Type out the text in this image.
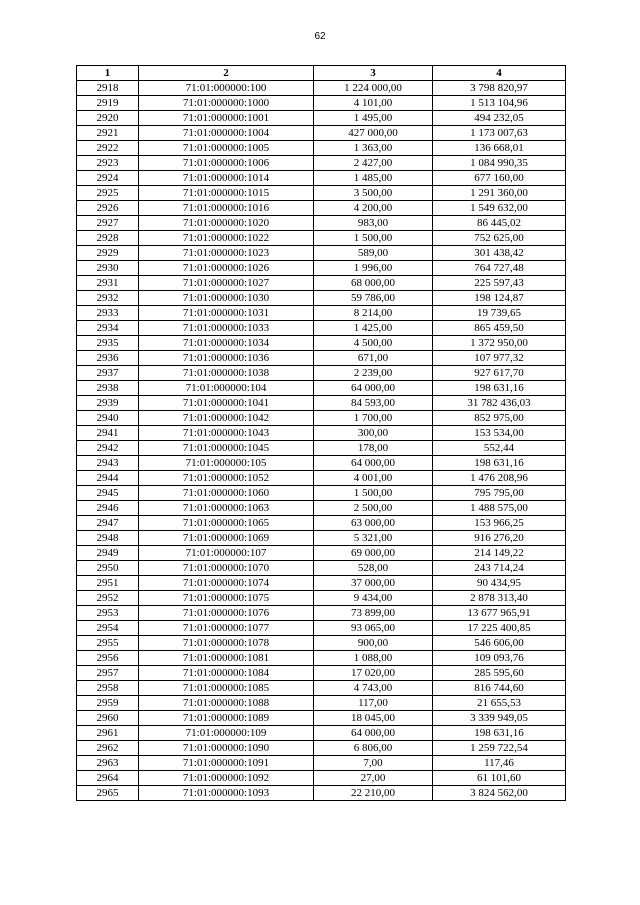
62
1	2	3	4
2918	71:01:000000:100	1 224 000,00	3 798 820,97
2919	71:01:000000:1000	4 101,00	1 513 104,96
2920	71:01:000000:1001	1 495,00	494 232,05
2921	71:01:000000:1004	427 000,00	1 173 007,63
2922	71:01:000000:1005	1 363,00	136 668,01
2923	71:01:000000:1006	2 427,00	1 084 990,35
2924	71:01:000000:1014	1 485,00	677 160,00
2925	71:01:000000:1015	3 500,00	1 291 360,00
2926	71:01:000000:1016	4 200,00	1 549 632,00
2927	71:01:000000:1020	983,00	86 445,02
2928	71:01:000000:1022	1 500,00	752 625,00
2929	71:01:000000:1023	589,00	301 438,42
2930	71:01:000000:1026	1 996,00	764 727,48
2931	71:01:000000:1027	68 000,00	225 597,43
2932	71:01:000000:1030	59 786,00	198 124,87
2933	71:01:000000:1031	8 214,00	19 739,65
2934	71:01:000000:1033	1 425,00	865 459,50
2935	71:01:000000:1034	4 500,00	1 372 950,00
2936	71:01:000000:1036	671,00	107 977,32
2937	71:01:000000:1038	2 239,00	927 617,70
2938	71:01:000000:104	64 000,00	198 631,16
2939	71:01:000000:1041	84 593,00	31 782 436,03
2940	71:01:000000:1042	1 700,00	852 975,00
2941	71:01:000000:1043	300,00	153 534,00
2942	71:01:000000:1045	178,00	552,44
2943	71:01:000000:105	64 000,00	198 631,16
2944	71:01:000000:1052	4 001,00	1 476 208,96
2945	71:01:000000:1060	1 500,00	795 795,00
2946	71:01:000000:1063	2 500,00	1 488 575,00
2947	71:01:000000:1065	63 000,00	153 966,25
2948	71:01:000000:1069	5 321,00	916 276,20
2949	71:01:000000:107	69 000,00	214 149,22
2950	71:01:000000:1070	528,00	243 714,24
2951	71:01:000000:1074	37 000,00	90 434,95
2952	71:01:000000:1075	9 434,00	2 878 313,40
2953	71:01:000000:1076	73 899,00	13 677 965,91
2954	71:01:000000:1077	93 065,00	17 225 400,85
2955	71:01:000000:1078	900,00	546 606,00
2956	71:01:000000:1081	1 088,00	109 093,76
2957	71:01:000000:1084	17 020,00	285 595,60
2958	71:01:000000:1085	4 743,00	816 744,60
2959	71:01:000000:1088	117,00	21 655,53
2960	71:01:000000:1089	18 045,00	3 339 949,05
2961	71:01:000000:109	64 000,00	198 631,16
2962	71:01:000000:1090	6 806,00	1 259 722,54
2963	71:01:000000:1091	7,00	117,46
2964	71:01:000000:1092	27,00	61 101,60
2965	71:01:000000:1093	22 210,00	3 824 562,00
